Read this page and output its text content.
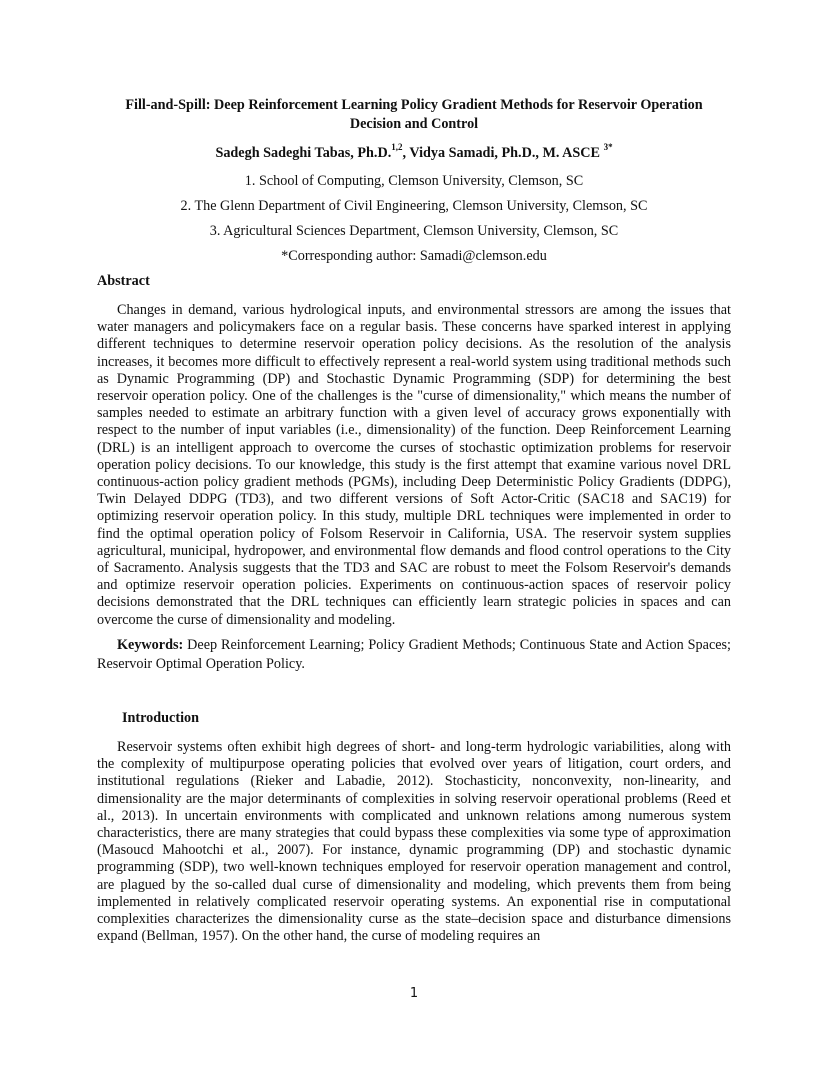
Fill-and-Spill: Deep Reinforcement Learning Policy Gradient Methods for Reservoir Operation Decision and Control
Sadegh Sadeghi Tabas, Ph.D.$^{1,2}$, Vidya Samadi, Ph.D., M. ASCE $^{3*}$
1. School of Computing, Clemson University, Clemson, SC
2. The Glenn Department of Civil Engineering, Clemson University, Clemson, SC
3. Agricultural Sciences Department, Clemson University, Clemson, SC
*Corresponding author: Samadi@clemson.edu
Abstract

Changes in demand, various hydrological inputs, and environmental stressors are among the issues that water managers and policymakers face on a regular basis. These concerns have sparked interest in applying different techniques to determine reservoir operation policy decisions. As the resolution of the analysis increases, it becomes more difficult to effectively represent a real-world system using traditional methods such as Dynamic Programming (DP) and Stochastic Dynamic Programming (SDP) for determining the best reservoir operation policy. One of the challenges is the "curse of dimensionality," which means the number of samples needed to estimate an arbitrary function with a given level of accuracy grows exponentially with respect to the number of input variables (i.e., dimensionality) of the function. Deep Reinforcement Learning (DRL) is an intelligent approach to overcome the curses of stochastic optimization problems for reservoir operation policy decisions. To our knowledge, this study is the first attempt that examine various novel DRL continuous-action policy gradient methods (PGMs), including Deep Deterministic Policy Gradients (DDPG), Twin Delayed DDPG (TD3), and two different versions of Soft Actor-Critic (SAC18 and SAC19) for optimizing reservoir operation policy. In this study, multiple DRL techniques were implemented in order to find the optimal operation policy of Folsom Reservoir in California, USA. The reservoir system supplies agricultural, municipal, hydropower, and environmental flow demands and flood control operations to the City of Sacramento. Analysis suggests that the TD3 and SAC are robust to meet the Folsom Reservoir's demands and optimize reservoir operation policies. Experiments on continuous-action spaces of reservoir policy decisions demonstrated that the DRL techniques can efficiently learn strategic policies in spaces and can overcome the curse of dimensionality and modeling.

Keywords: Deep Reinforcement Learning; Policy Gradient Methods; Continuous State and Action Spaces; Reservoir Optimal Operation Policy.

Introduction

Reservoir systems often exhibit high degrees of short- and long-term hydrologic variabilities, along with the complexity of multipurpose operating policies that evolved over years of litigation, court orders, and institutional regulations (Rieker and Labadie, 2012). Stochasticity, nonconvexity, non-linearity, and dimensionality are the major determinants of complexities in solving reservoir operational problems (Reed et al., 2013). In uncertain environments with complicated and unknown relations among numerous system characteristics, there are many strategies that could bypass these complexities via some type of approximation (Masoucd Mahootchi et al., 2007). For instance, dynamic programming (DP) and stochastic dynamic programming (SDP), two well-known techniques employed for reservoir operation management and control, are plagued by the so-called dual curse of dimensionality and modeling, which prevents them from being implemented in relatively complicated reservoir operating systems. An exponential rise in computational complexities characterizes the dimensionality curse as the state–decision space and disturbance dimensions expand (Bellman, 1957). On the other hand, the curse of modeling requires an

1
